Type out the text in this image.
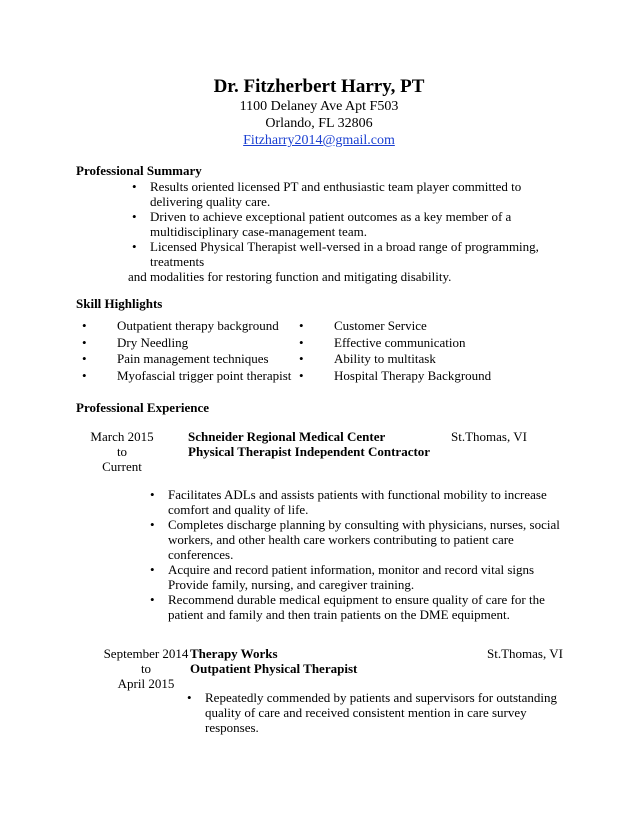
Dr. Fitzherbert Harry, PT
1100 Delaney Ave Apt F503
Orlando, FL 32806
Fitzharry2014@gmail.com
Professional Summary
• Results oriented licensed PT and enthusiastic team player committed to delivering quality care.
• Driven to achieve exceptional patient outcomes as a key member of a multidisciplinary case-management team.
• Licensed Physical Therapist well-versed in a broad range of programming, treatments
and modalities for restoring function and mitigating disability.
Skill Highlights
• Outpatient therapy background
• Dry Needling
• Pain management techniques
• Myofascial trigger point therapist
• Customer Service
• Effective communication
• Ability to multitask
• Hospital Therapy Background
Professional Experience
March 2015
to
Current
Schneider Regional Medical Center
Physical Therapist Independent Contractor
St.Thomas, VI
• Facilitates ADLs and assists patients with functional mobility to increase comfort and quality of life.
• Completes discharge planning by consulting with physicians, nurses, social workers, and other health care workers contributing to patient care conferences.
• Acquire and record patient information, monitor and record vital signs Provide family, nursing, and caregiver training.
• Recommend durable medical equipment to ensure quality of care for the patient and family and then train patients on the DME equipment.
September 2014
to
April 2015
Therapy Works
Outpatient Physical Therapist
St.Thomas, VI
• Repeatedly commended by patients and supervisors for outstanding quality of care and received consistent mention in care survey responses.
